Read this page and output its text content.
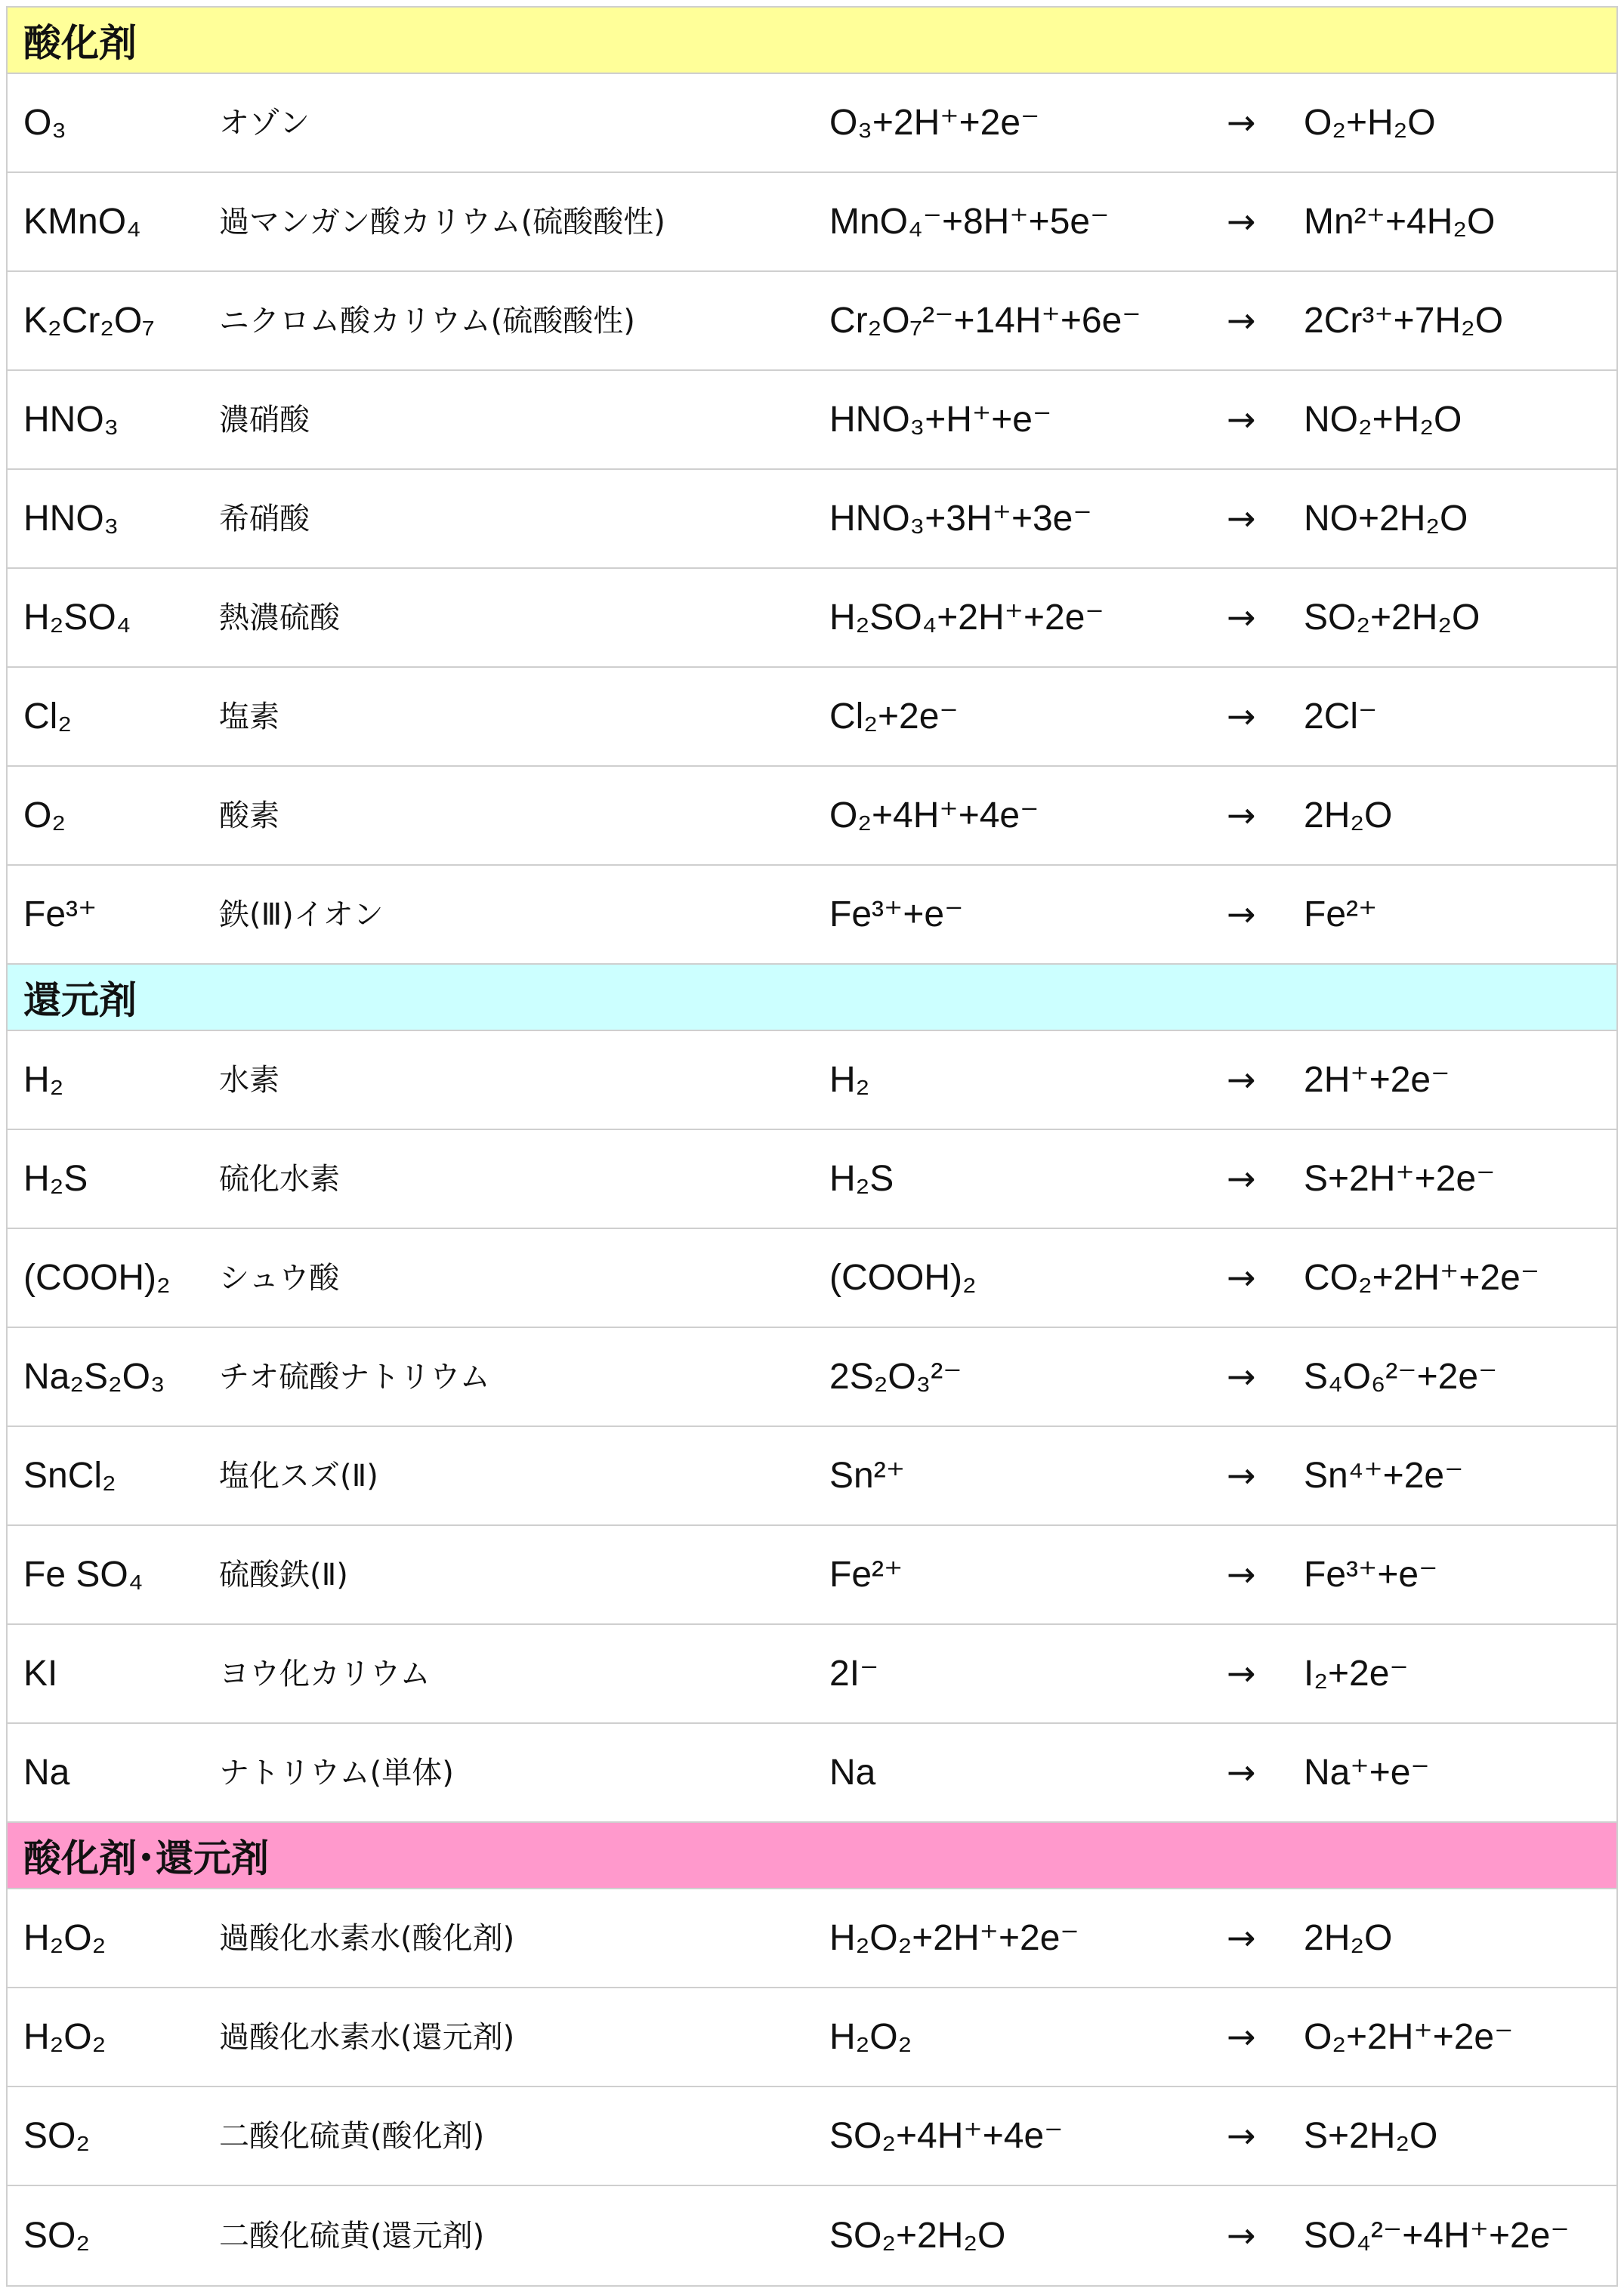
酸化剤
O₃	オゾン	O₃+2H⁺+2e⁻	→	O₂+H₂O
KMnO₄	過マンガン酸カリウム(硫酸酸性)	MnO₄⁻+8H⁺+5e⁻	→	Mn²⁺+4H₂O
K₂Cr₂O₇	ニクロム酸カリウム(硫酸酸性)	Cr₂O₇²⁻+14H⁺+6e⁻	→	2Cr³⁺+7H₂O
HNO₃	濃硝酸	HNO₃+H⁺+e⁻	→	NO₂+H₂O
HNO₃	希硝酸	HNO₃+3H⁺+3e⁻	→	NO+2H₂O
H₂SO₄	熱濃硫酸	H₂SO₄+2H⁺+2e⁻	→	SO₂+2H₂O
Cl₂	塩素	Cl₂+2e⁻	→	2Cl⁻
O₂	酸素	O₂+4H⁺+4e⁻	→	2H₂O
Fe³⁺	鉄(Ⅲ)イオン	Fe³⁺+e⁻	→	Fe²⁺
還元剤
H₂	水素	H₂	→	2H⁺+2e⁻
H₂S	硫化水素	H₂S	→	S+2H⁺+2e⁻
(COOH)₂	シュウ酸	(COOH)₂	→	CO₂+2H⁺+2e⁻
Na₂S₂O₃	チオ硫酸ナトリウム	2S₂O₃²⁻	→	S₄O₆²⁻+2e⁻
SnCl₂	塩化スズ(Ⅱ)	Sn²⁺	→	Sn⁴⁺+2e⁻
Fe SO₄	硫酸鉄(Ⅱ)	Fe²⁺	→	Fe³⁺+e⁻
KI	ヨウ化カリウム	2I⁻	→	I₂+2e⁻
Na	ナトリウム(単体)	Na	→	Na⁺+e⁻
酸化剤･還元剤
H₂O₂	過酸化水素水(酸化剤)	H₂O₂+2H⁺+2e⁻	→	2H₂O
H₂O₂	過酸化水素水(還元剤)	H₂O₂	→	O₂+2H⁺+2e⁻
SO₂	二酸化硫黄(酸化剤)	SO₂+4H⁺+4e⁻	→	S+2H₂O
SO₂	二酸化硫黄(還元剤)	SO₂+2H₂O	→	SO₄²⁻+4H⁺+2e⁻
